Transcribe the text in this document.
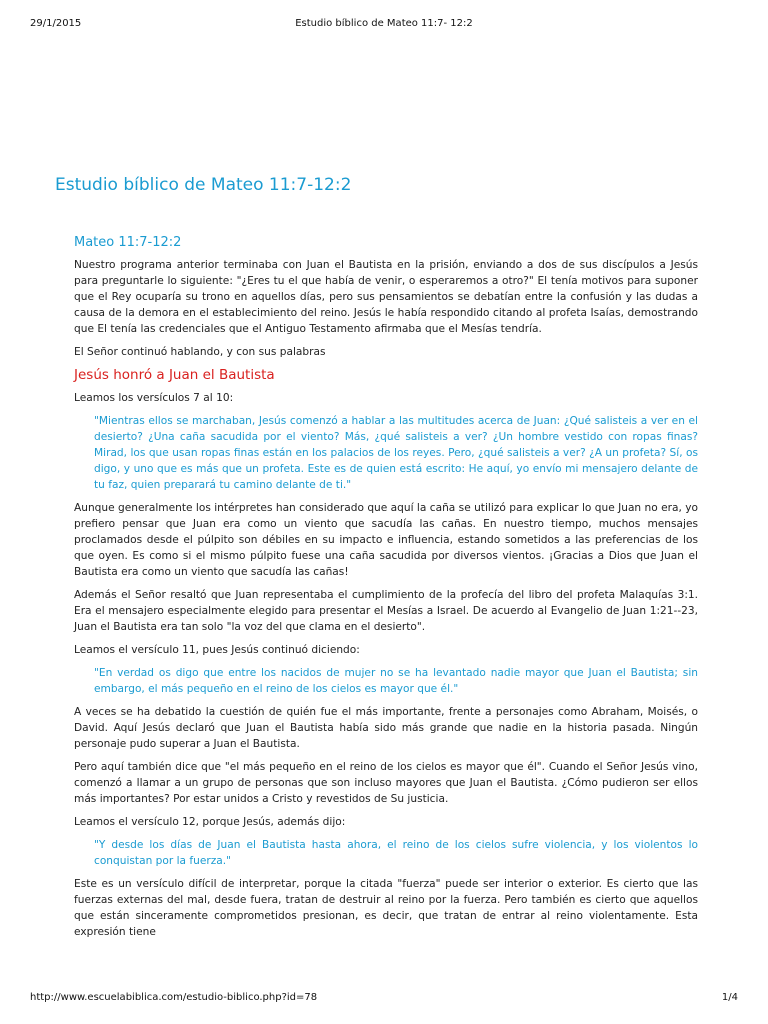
29/1/2015	Estudio bíblico de Mateo 11:7- 12:2
Estudio bíblico de Mateo 11:7-12:2
Mateo 11:7-12:2

Nuestro programa anterior terminaba con Juan el Bautista en la prisión, enviando a dos de sus discípulos a Jesús para preguntarle lo siguiente: "¿Eres tu el que había de venir, o esperaremos a otro?" El tenía motivos para suponer que el Rey ocuparía su trono en aquellos días, pero sus pensamientos se debatían entre la confusión y las dudas a causa de la demora en el establecimiento del reino. Jesús le había respondido citando al profeta Isaías, demostrando que El tenía las credenciales que el Antiguo Testamento afirmaba que el Mesías tendría.

El Señor continuó hablando, y con sus palabras

Jesús honró a Juan el Bautista

Leamos los versículos 7 al 10:

"Mientras ellos se marchaban, Jesús comenzó a hablar a las multitudes acerca de Juan: ¿Qué salisteis a ver en el desierto? ¿Una caña sacudida por el viento? Más, ¿qué salisteis a ver? ¿Un hombre vestido con ropas finas? Mirad, los que usan ropas finas están en los palacios de los reyes. Pero, ¿qué salisteis a ver? ¿A un profeta? Sí, os digo, y uno que es más que un profeta. Este es de quien está escrito: He aquí, yo envío mi mensajero delante de tu faz, quien preparará tu camino delante de ti."

Aunque generalmente los intérpretes han considerado que aquí la caña se utilizó para explicar lo que Juan no era, yo prefiero pensar que Juan era como un viento que sacudía las cañas. En nuestro tiempo, muchos mensajes proclamados desde el púlpito son débiles en su impacto e influencia, estando sometidos a las preferencias de los que oyen. Es como si el mismo púlpito fuese una caña sacudida por diversos vientos. ¡Gracias a Dios que Juan el Bautista era como un viento que sacudía las cañas!

Además el Señor resaltó que Juan representaba el cumplimiento de la profecía del libro del profeta Malaquías 3:1. Era el mensajero especialmente elegido para presentar el Mesías a Israel. De acuerdo al Evangelio de Juan 1:21--23, Juan el Bautista era tan solo "la voz del que clama en el desierto".

Leamos el versículo 11, pues Jesús continuó diciendo:

"En verdad os digo que entre los nacidos de mujer no se ha levantado nadie mayor que Juan el Bautista; sin embargo, el más pequeño en el reino de los cielos es mayor que él."

A veces se ha debatido la cuestión de quién fue el más importante, frente a personajes como Abraham, Moisés, o David. Aquí Jesús declaró que Juan el Bautista había sido más grande que nadie en la historia pasada. Ningún personaje pudo superar a Juan el Bautista.

Pero aquí también dice que "el más pequeño en el reino de los cielos es mayor que él". Cuando el Señor Jesús vino, comenzó a llamar a un grupo de personas que son incluso mayores que Juan el Bautista. ¿Cómo pudieron ser ellos más importantes? Por estar unidos a Cristo y revestidos de Su justicia.

Leamos el versículo 12, porque Jesús, además dijo:

"Y desde los días de Juan el Bautista hasta ahora, el reino de los cielos sufre violencia, y los violentos lo conquistan por la fuerza."

Este es un versículo difícil de interpretar, porque la citada "fuerza" puede ser interior o exterior. Es cierto que las fuerzas externas del mal, desde fuera, tratan de destruir al reino por la fuerza. Pero también es cierto que aquellos que están sinceramente comprometidos presionan, es decir, que tratan de entrar al reino violentamente. Esta expresión tiene

http://www.escuelabiblica.com/estudio-biblico.php?id=78	1/4
